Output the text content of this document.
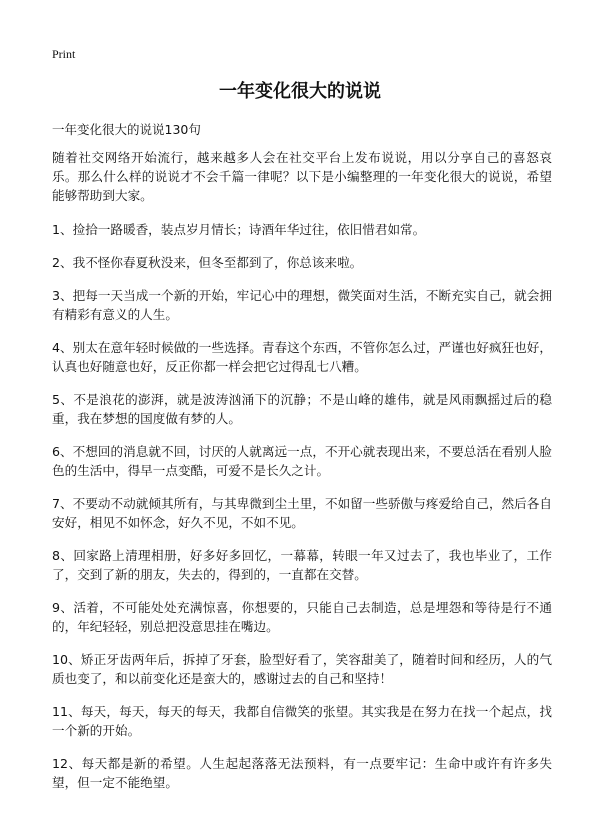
Print
一年变化很大的说说

一年变化很大的说说130句

随着社交网络开始流行，越来越多人会在社交平台上发布说说，用以分享自己的喜怒哀乐。那么什么样的说说才不会千篇一律呢？以下是小编整理的一年变化很大的说说，希望能够帮助到大家。

1、捡拾一路暖香，装点岁月情长；诗酒年华过往，依旧惜君如常。

2、我不怪你春夏秋没来，但冬至都到了，你总该来啦。

3、把每一天当成一个新的开始，牢记心中的理想，微笑面对生活，不断充实自己，就会拥有精彩有意义的人生。

4、别太在意年轻时候做的一些选择。青春这个东西，不管你怎么过，严谨也好疯狂也好，认真也好随意也好，反正你都一样会把它过得乱七八糟。

5、不是浪花的澎湃，就是波涛汹涌下的沉静；不是山峰的雄伟，就是风雨飘摇过后的稳重，我在梦想的国度做有梦的人。

6、不想回的消息就不回，讨厌的人就离远一点，不开心就表现出来，不要总活在看别人脸色的生活中，得早一点变酷，可爱不是长久之计。

7、不要动不动就倾其所有，与其卑微到尘土里，不如留一些骄傲与疼爱给自己，然后各自安好，相见不如怀念，好久不见，不如不见。

8、回家路上清理相册，好多好多回忆，一幕幕，转眼一年又过去了，我也毕业了，工作了，交到了新的朋友，失去的，得到的，一直都在交替。

9、活着，不可能处处充满惊喜，你想要的，只能自己去制造，总是埋怨和等待是行不通的，年纪轻轻，别总把没意思挂在嘴边。

10、矫正牙齿两年后，拆掉了牙套，脸型好看了，笑容甜美了，随着时间和经历，人的气质也变了，和以前变化还是蛮大的，感谢过去的自己和坚持！

11、每天，每天，每天的每天，我都自信微笑的张望。其实我是在努力在找一个起点，找一个新的开始。

12、每天都是新的希望。人生起起落落无法预料，有一点要牢记：生命中或许有许多失望，但一定不能绝望。
